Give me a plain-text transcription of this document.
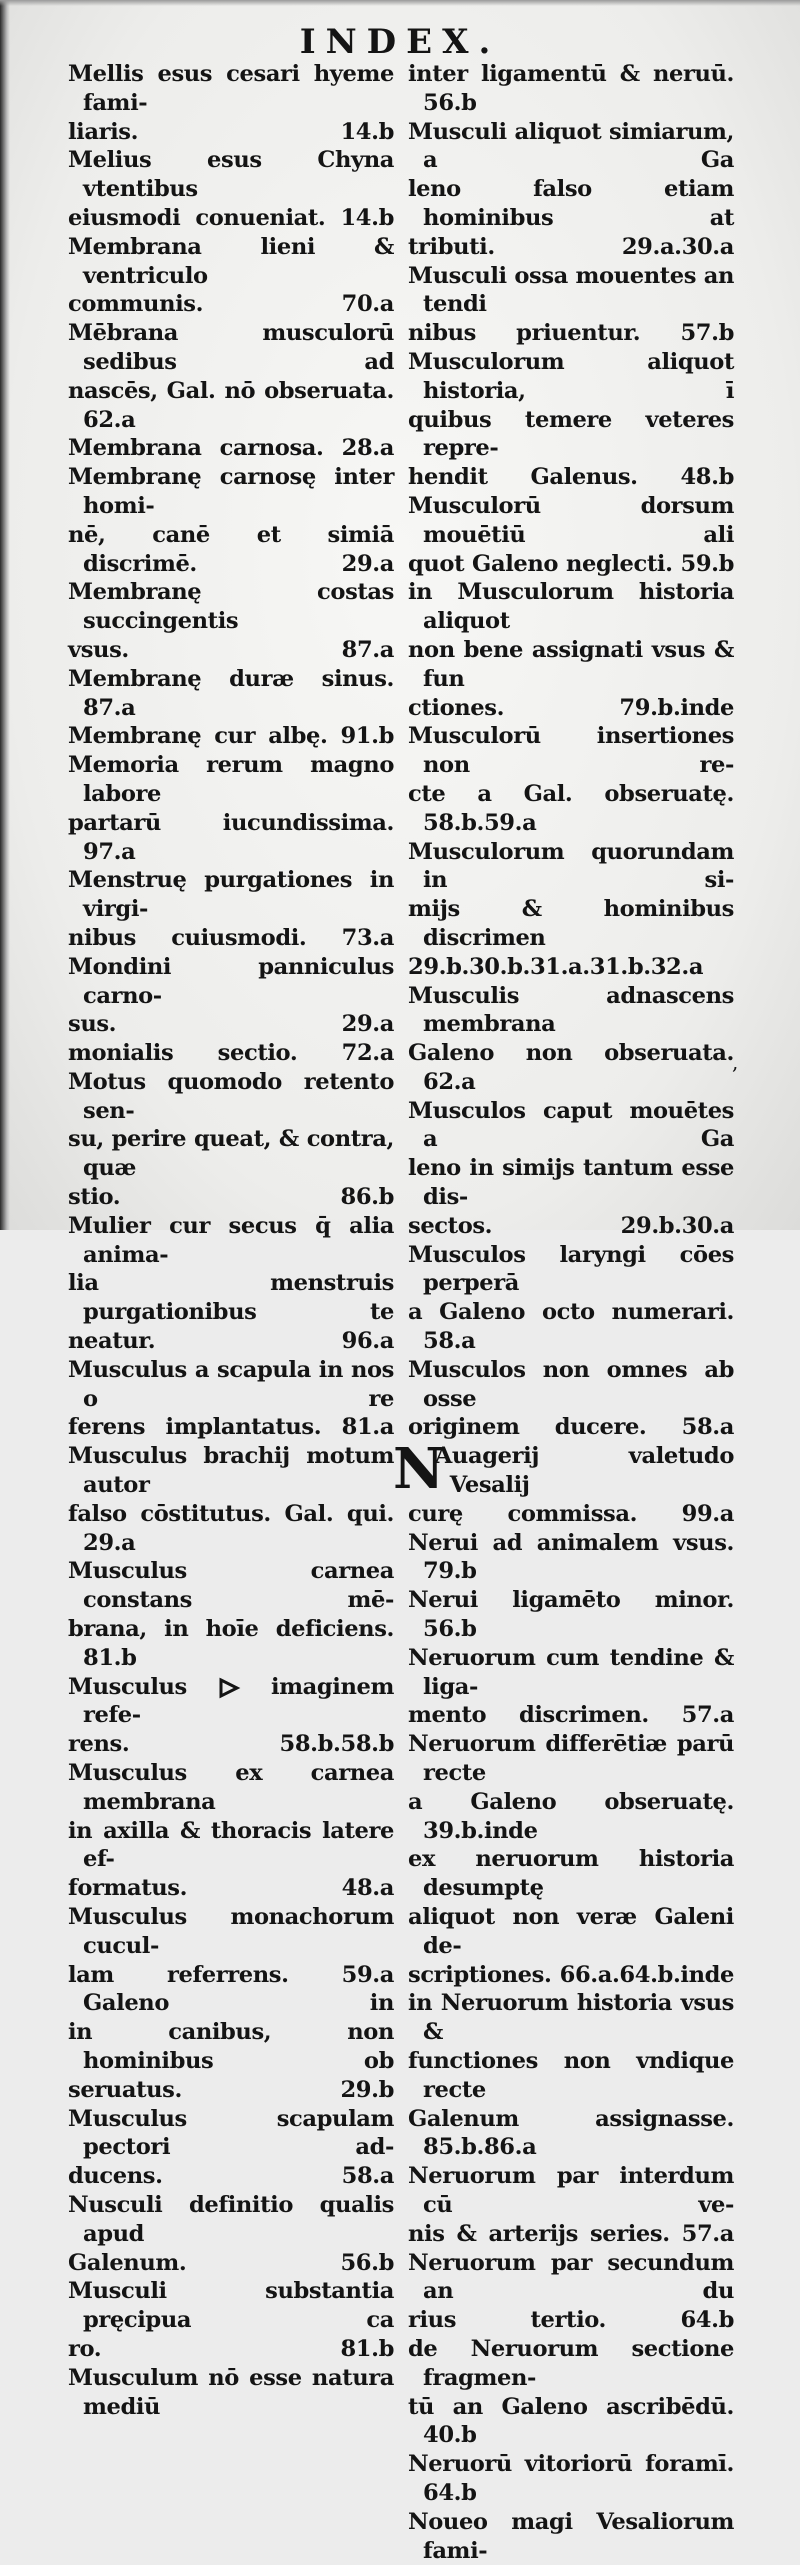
INDEX.
Mellis esus cesari hyeme fami-
liaris. 14.b
Melius esus Chyna vtentibus
eiusmodi conueniat. 14.b
Membrana lieni & ventriculo
communis. 70.a
Mēbrana musculorū sedibus ad
nascēs, Gal. nō obseruata. 62.a
Membrana carnosa. 28.a
Membranę carnosę inter homi-
nē, canē et simiā discrimē. 29.a
Membranę costas succingentis
vsus. 87.a
Membranę duræ sinus. 87.a
Membranę cur albę. 91.b
Memoria rerum magno labore
partarū iucundissima. 97.a
Menstruę purgationes in virgi-
nibus cuiusmodi. 73.a
Mondini panniculus carno-
sus. 29.a
monialis sectio. 72.a
Motus quomodo retento sen-
su, perire queat, & contra, quæ
stio. 86.b
Mulier cur secus q̄ alia anima-
lia menstruis purgationibus te
neatur. 96.a
Musculus a scapula in nos o re
ferens implantatus. 81.a
Musculus brachij motum autor
falso cōstitutus. Gal. qui. 29.a
Musculus carnea constans mē-
brana, in hoīe deficiens. 81.b
Musculus	imaginem refe-
rens. 58.b.58.b
Musculus ex carnea membrana
in axilla & thoracis latere ef-
formatus. 48.a
Musculus monachorum cucul-
lam referrens. 59.a Galeno in
in canibus, non hominibus ob
seruatus. 29.b
Musculus scapulam pectori ad-
ducens. 58.a
Nusculi definitio qualis apud
Galenum. 56.b
Musculi substantia pręcipua ca
ro. 81.b
Musculum nō esse natura mediū
inter ligamentū & neruū. 56.b
Musculi aliquot simiarum, a Ga
leno falso etiam hominibus at
tributi. 29.a.30.a
Musculi ossa mouentes an tendi
nibus priuentur. 57.b
Musculorum aliquot historia, ī
quibus temere veteres repre-
hendit Galenus. 48.b
Musculorū dorsum mouētiū ali
quot Galeno neglecti. 59.b
in Musculorum historia aliquot
non bene assignati vsus & fun
ctiones. 79.b.inde
Musculorū insertiones non re-
cte a Gal. obseruatę. 58.b.59.a
Musculorum quorundam in si-
mijs & hominibus discrimen
29.b.30.b.31.a.31.b.32.a
Musculis adnascens membrana
Galeno non obseruata. 62.a
Musculos caput mouētes a Ga
leno in simijs tantum esse dis-
sectos. 29.b.30.a
Musculos laryngi cōes perperā
a Galeno octo numerari. 58.a
Musculos non omnes ab osse
originem ducere. 58.a
N
Auagerij valetudo Vesalij
curę commissa. 99.a
Nerui ad animalem vsus. 79.b
Nerui ligamēto minor. 56.b
Neruorum cum tendine & liga-
mento discrimen. 57.a
Neruorum differētiæ parū recte
a Galeno obseruatę. 39.b.inde
ex neruorum historia desumptę
aliquot non veræ Galeni de-
scriptiones. 66.a.64.b.inde
in Neruorum historia vsus &
functiones non vndique recte
Galenum assignasse. 85.b.86.a
Neruorum par interdum cū ve-
nis & arterijs series. 57.a
Neruorum par secundum an du
rius tertio. 64.b
de Neruorum sectione fragmen-
tū an Galeno ascribēdū. 40.b
Neruorū vitoriorū foramī. 64.b
Noueo magi Vesaliorum fami-
,
